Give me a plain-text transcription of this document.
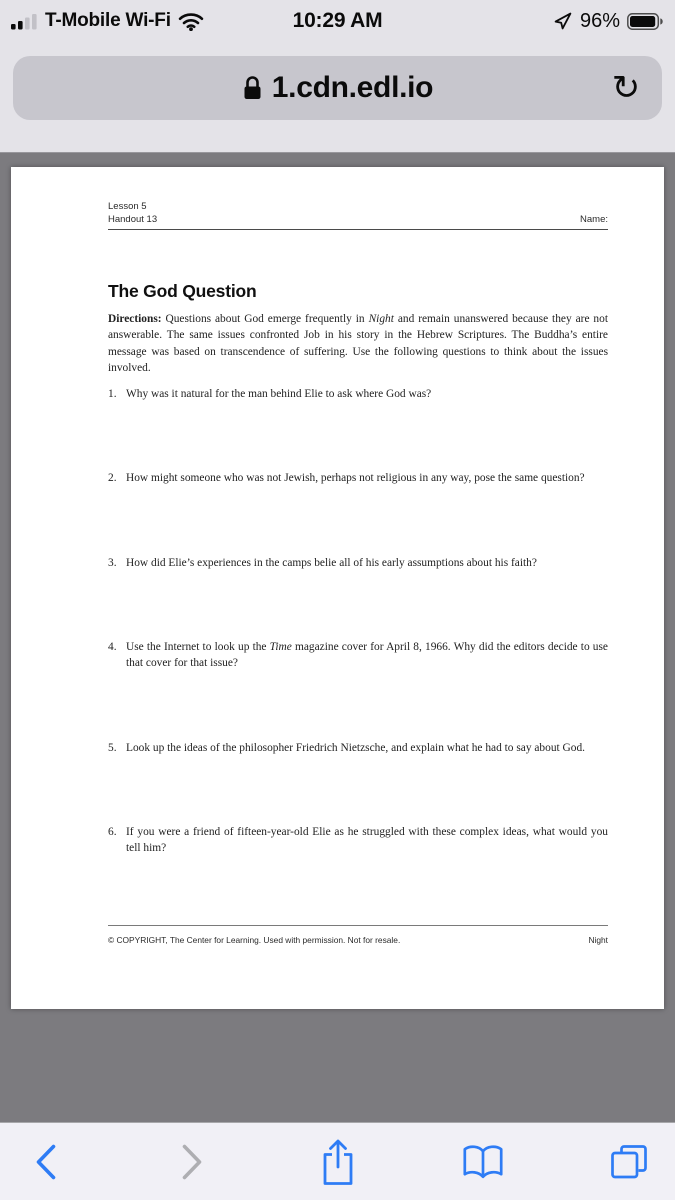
T-Mobile Wi-Fi	10:29 AM	96%
1.cdn.edl.io	↻
Lesson 5
Handout 13	Name:
The God Question

Directions: Questions about God emerge frequently in Night and remain unanswered because they are not answerable. The same issues confronted Job in his story in the Hebrew Scriptures. The Buddha’s entire message was based on transcendence of suffering. Use the following questions to think about the issues involved.

1. Why was it natural for the man behind Elie to ask where God was?
2. How might someone who was not Jewish, perhaps not religious in any way, pose the same question?
3. How did Elie’s experiences in the camps belie all of his early assumptions about his faith?
4. Use the Internet to look up the Time magazine cover for April 8, 1966. Why did the editors decide to use that cover for that issue?
5. Look up the ideas of the philosopher Friedrich Nietzsche, and explain what he had to say about God.
6. If you were a friend of fifteen-year-old Elie as he struggled with these complex ideas, what would you tell him?
© COPYRIGHT, The Center for Learning. Used with permission. Not for resale.	Night
